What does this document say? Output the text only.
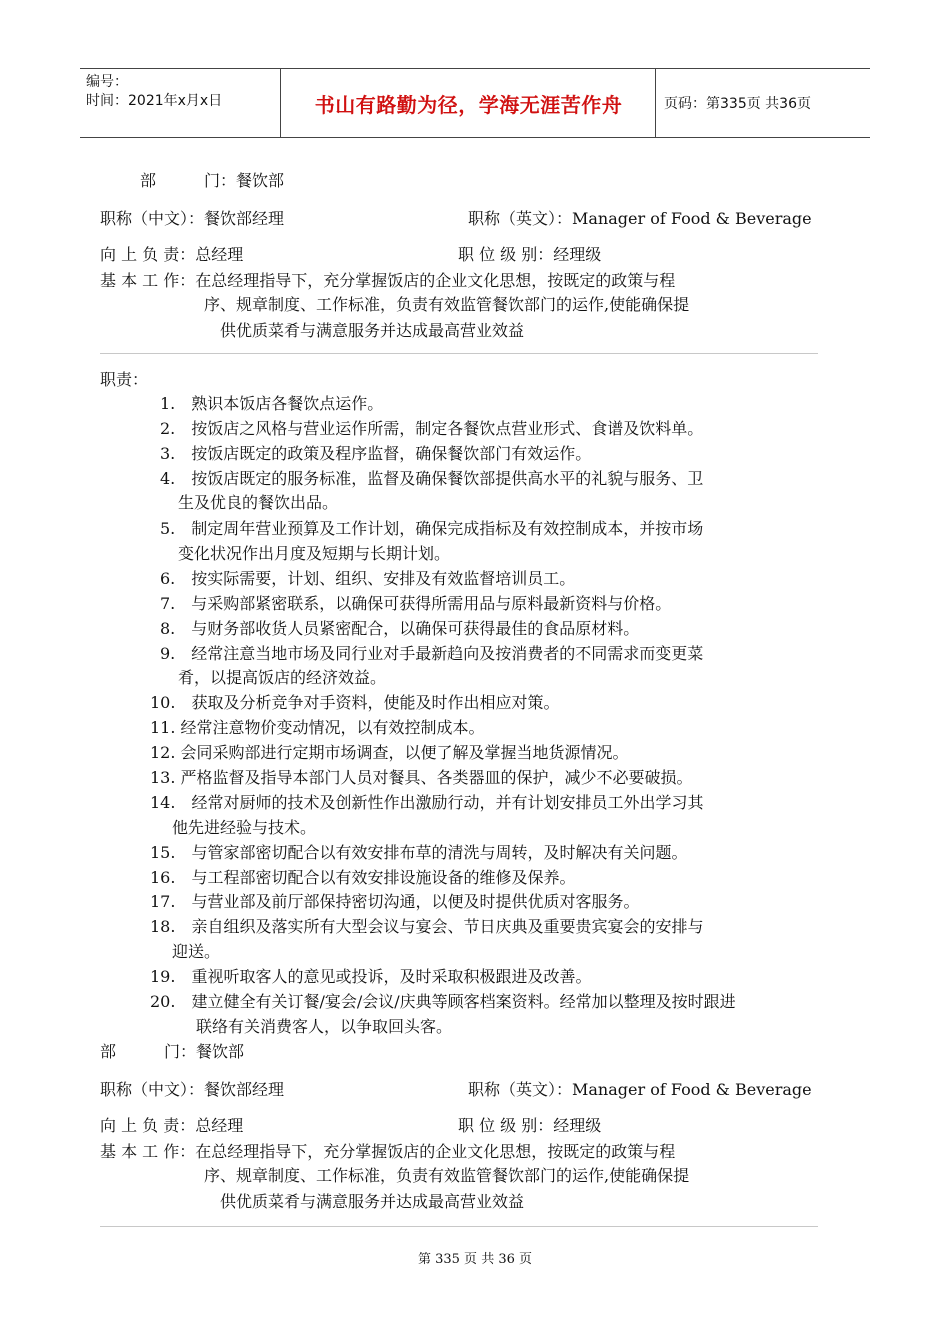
编号：
时间：2021年x月x日	书山有路勤为径，学海无涯苦作舟	页码：第335页 共36页
部　　　门：餐饮部
职称（中文）：餐饮部经理	职称（英文）：Manager of Food & Beverage
向 上 负 责：总经理	职 位 级 别：经理级
基 本 工 作：在总经理指导下，充分掌握饭店的企业文化思想，按既定的政策与程
序、规章制度、工作标准，负责有效监管餐饮部门的运作,使能确保提
供优质菜肴与满意服务并达成最高营业效益
职责：
1.　熟识本饭店各餐饮点运作。
2.　按饭店之风格与营业运作所需，制定各餐饮点营业形式、食谱及饮料单。
3.　按饭店既定的政策及程序监督，确保餐饮部门有效运作。
4.　按饭店既定的服务标准，监督及确保餐饮部提供高水平的礼貌与服务、卫
生及优良的餐饮出品。
5.　制定周年营业预算及工作计划，确保完成指标及有效控制成本，并按市场
变化状况作出月度及短期与长期计划。
6.　按实际需要，计划、组织、安排及有效监督培训员工。
7.　与采购部紧密联系，以确保可获得所需用品与原料最新资料与价格。
8.　与财务部收货人员紧密配合，以确保可获得最佳的食品原材料。
9.　经常注意当地市场及同行业对手最新趋向及按消费者的不同需求而变更菜
肴，以提高饭店的经济效益。
10.　获取及分析竞争对手资料，使能及时作出相应对策。
11. 经常注意物价变动情况，以有效控制成本。
12. 会同采购部进行定期市场调查，以便了解及掌握当地货源情况。
13. 严格监督及指导本部门人员对餐具、各类器皿的保护，减少不必要破损。
14.　经常对厨师的技术及创新性作出激励行动，并有计划安排员工外出学习其
他先进经验与技术。
15.　与管家部密切配合以有效安排布草的清洗与周转，及时解决有关问题。
16.　与工程部密切配合以有效安排设施设备的维修及保养。
17.　与营业部及前厅部保持密切沟通，以便及时提供优质对客服务。
18.　亲自组织及落实所有大型会议与宴会、节日庆典及重要贵宾宴会的安排与
迎送。
19.　重视听取客人的意见或投诉，及时采取积极跟进及改善。
20.　建立健全有关订餐/宴会/会议/庆典等顾客档案资料。经常加以整理及按时跟进
联络有关消费客人，以争取回头客。
部　　　门：餐饮部
职称（中文）：餐饮部经理	职称（英文）：Manager of Food & Beverage
向 上 负 责：总经理	职 位 级 别：经理级
基 本 工 作：在总经理指导下，充分掌握饭店的企业文化思想，按既定的政策与程
序、规章制度、工作标准，负责有效监管餐饮部门的运作,使能确保提
供优质菜肴与满意服务并达成最高营业效益
第 335 页 共 36 页
